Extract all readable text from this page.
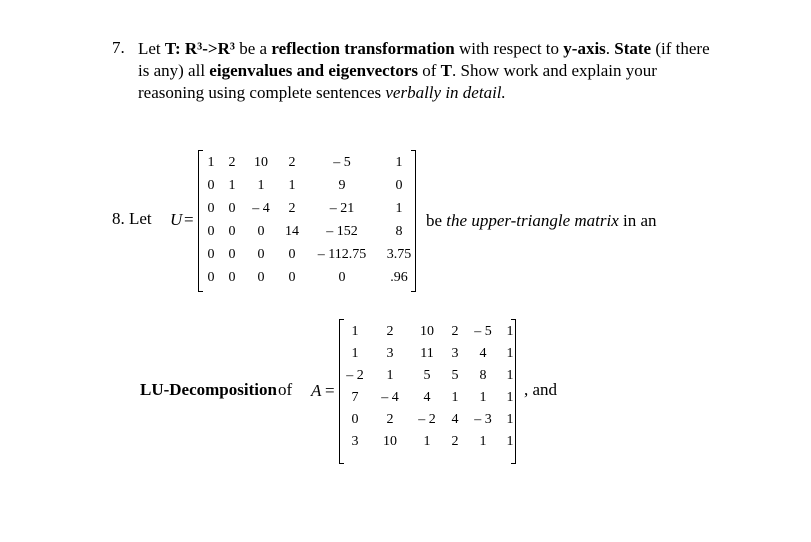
7. Let T: R³->R³ be a reflection transformation with respect to y-axis. State (if there is any) all eigenvalues and eigenvectors of T. Show work and explain your reasoning using complete sentences verbally in detail.
8. Let U =
1	2	10	2	– 5	1
0	1	1	1	9	0
0	0	– 4	2	– 21	1
0	0	0	14	– 152	8
0	0	0	0	– 112.75	3.75
0	0	0	0	0	.96
be the upper-triangle matrix in an
LU-Decomposition of A =
1	2	10	2	– 5	1
1	3	11	3	4	1
– 2	1	5	5	8	1
7	– 4	4	1	1	1
0	2	– 2	4	– 3	1
3	10	1	2	1	1
, and
